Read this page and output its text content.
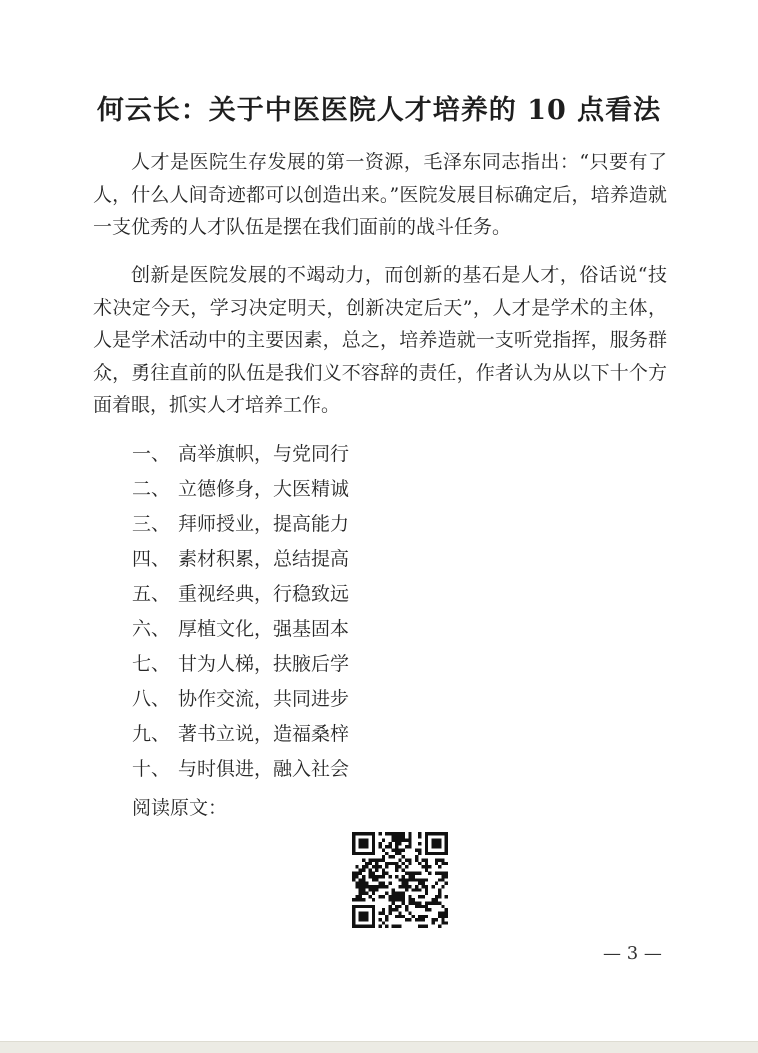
何云长：关于中医医院人才培养的 10 点看法
人才是医院生存发展的第一资源，毛泽东同志指出：“只要有了人，什么人间奇迹都可以创造出来。”医院发展目标确定后，培养造就一支优秀的人才队伍是摆在我们面前的战斗任务。
创新是医院发展的不竭动力，而创新的基石是人才，俗话说“技术决定今天，学习决定明天，创新决定后天”，人才是学术的主体，人是学术活动中的主要因素，总之，培养造就一支听党指挥，服务群众，勇往直前的队伍是我们义不容辞的责任，作者认为从以下十个方面着眼，抓实人才培养工作。
一、 高举旗帜，与党同行
二、 立德修身，大医精诚
三、 拜师授业，提高能力
四、 素材积累，总结提高
五、 重视经典，行稳致远
六、 厚植文化，强基固本
七、 甘为人梯，扶腋后学
八、 协作交流，共同进步
九、 著书立说，造福桑梓
十、 与时俱进，融入社会
阅读原文：
— 3 —
